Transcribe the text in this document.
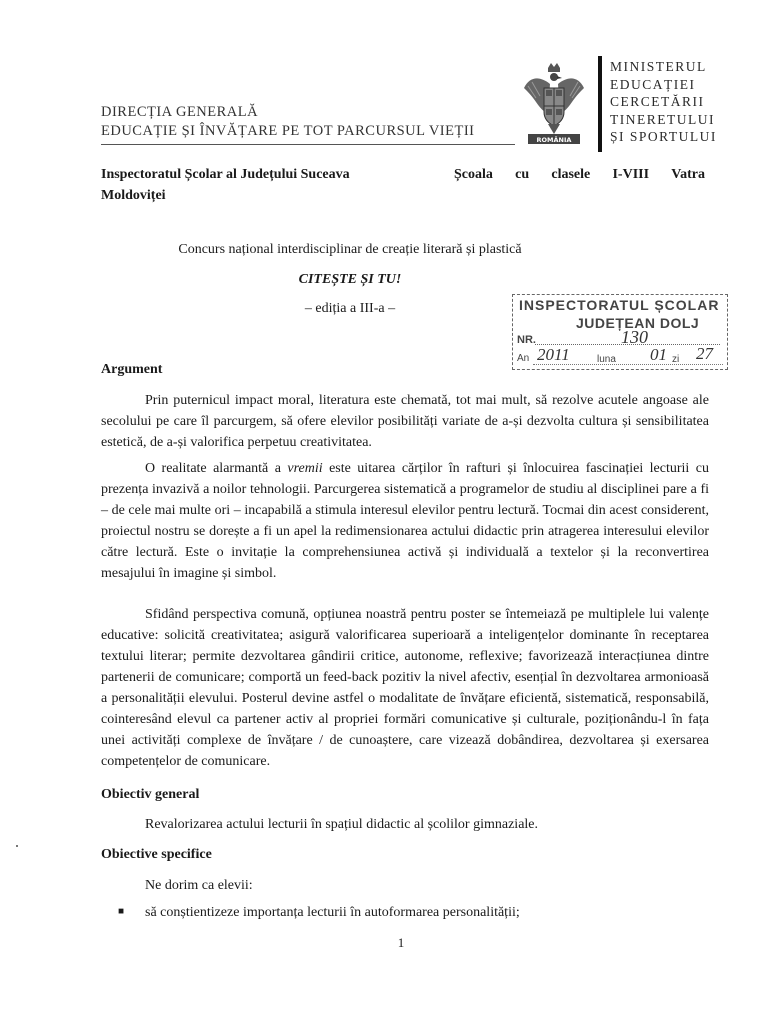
DIRECȚIA GENERALĂ
EDUCAȚIE ȘI ÎNVĂȚARE PE TOT PARCURSUL VIEȚII
ROMÂNIA
MINISTERUL
EDUCAȚIEI
CERCETĂRII
TINERETULUI
ȘI SPORTULUI
Inspectoratul Școlar al Județului Suceava	Școala cu clasele I-VIII Vatra
Moldoviței
Concurs național interdisciplinar de creație literară și plastică
CITEȘTE ȘI TU!
– ediția a III-a –	INSPECTORATUL ȘCOLAR
JUDEȚEAN DOLJ
NR.	130
An 2011	luna 01 zi 27
Argument
Prin puternicul impact moral, literatura este chemată, tot mai mult, să rezolve acutele angoase ale secolului pe care îl parcurgem, să ofere elevilor posibilități variate de a-și dezvolta cultura și sensibilitatea estetică, de a-și valorifica perpetuu creativitatea.
O realitate alarmantă a vremii este uitarea cărților în rafturi și înlocuirea fascinației lecturii cu prezența invazivă a noilor tehnologii. Parcurgerea sistematică a programelor de studiu al disciplinei pare a fi – de cele mai multe ori – incapabilă a stimula interesul elevilor pentru lectură. Tocmai din acest considerent, proiectul nostru se dorește a fi un apel la redimensionarea actului didactic prin atragerea interesului elevilor către lectură. Este o invitație la comprehensiunea activă și individuală a textelor și la reconvertirea mesajului în imagine și simbol.
Sfidând perspectiva comună, opțiunea noastră pentru poster se întemeiază pe multiplele lui valențe educative: solicită creativitatea; asigură valorificarea superioară a inteligențelor dominante în receptarea textului literar; permite dezvoltarea gândirii critice, autonome, reflexive; favorizează interacțiunea dintre partenerii de comunicare; comportă un feed-back pozitiv la nivel afectiv, esențial în dezvoltarea armonioasă a personalității elevului. Posterul devine astfel o modalitate de învățare eficientă, sistematică, responsabilă, cointeresând elevul ca partener activ al propriei formări comunicative și culturale, poziționându-l în fața unei activități complexe de învățare / de cunoaștere, care vizează dobândirea, dezvoltarea și exersarea competențelor de comunicare.
Obiectiv general
Revalorizarea actului lecturii în spațiul didactic al școlilor gimnaziale.
Obiective specifice
Ne dorim ca elevii:
■ să conștientizeze importanța lecturii în autoformarea personalității;
1
